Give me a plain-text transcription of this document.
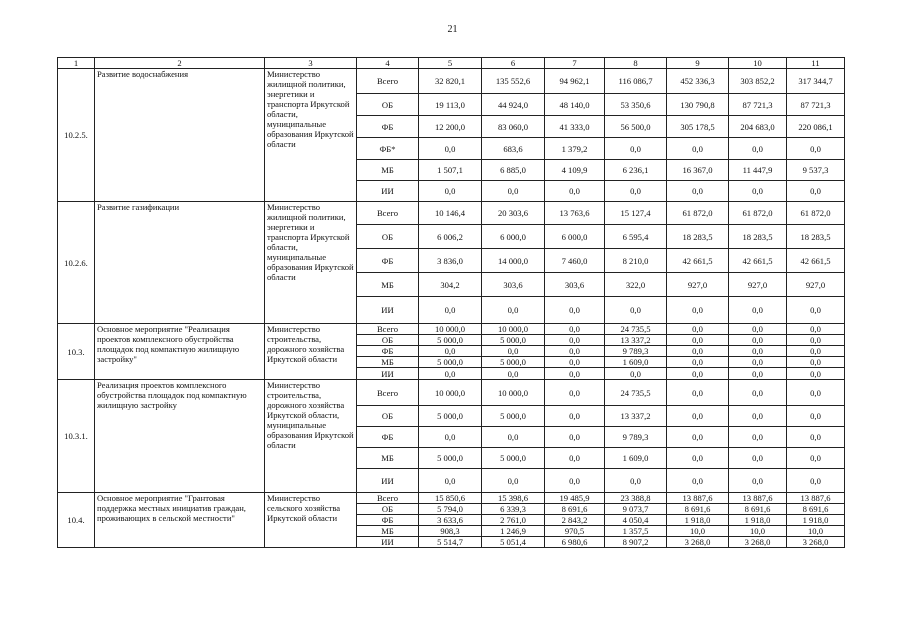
21
1	2	3	4	5	6	7	8	9	10	11
10.2.5.	Развитие водоснабжения	Министерство жилищной политики, энергетики и транспорта Иркутской области, муниципальные образования Иркутской области	Всего	32 820,1	135 552,6	94 962,1	116 086,7	452 336,3	303 852,2	317 344,7
			ОБ	19 113,0	44 924,0	48 140,0	53 350,6	130 790,8	87 721,3	87 721,3
			ФБ	12 200,0	83 060,0	41 333,0	56 500,0	305 178,5	204 683,0	220 086,1
			ФБ*	0,0	683,6	1 379,2	0,0	0,0	0,0	0,0
			МБ	1 507,1	6 885,0	4 109,9	6 236,1	16 367,0	11 447,9	9 537,3
			ИИ	0,0	0,0	0,0	0,0	0,0	0,0	0,0
10.2.6.	Развитие газификации	Министерство жилищной политики, энергетики и транспорта Иркутской области, муниципальные образования Иркутской области	Всего	10 146,4	20 303,6	13 763,6	15 127,4	61 872,0	61 872,0	61 872,0
			ОБ	6 006,2	6 000,0	6 000,0	6 595,4	18 283,5	18 283,5	18 283,5
			ФБ	3 836,0	14 000,0	7 460,0	8 210,0	42 661,5	42 661,5	42 661,5
			МБ	304,2	303,6	303,6	322,0	927,0	927,0	927,0
			ИИ	0,0	0,0	0,0	0,0	0,0	0,0	0,0
10.3.	Основное мероприятие "Реализация проектов комплексного обустройства площадок под компактную жилищную застройку"	Министерство строительства, дорожного хозяйства Иркутской области	Всего	10 000,0	10 000,0	0,0	24 735,5	0,0	0,0	0,0
			ОБ	5 000,0	5 000,0	0,0	13 337,2	0,0	0,0	0,0
			ФБ	0,0	0,0	0,0	9 789,3	0,0	0,0	0,0
			МБ	5 000,0	5 000,0	0,0	1 609,0	0,0	0,0	0,0
			ИИ	0,0	0,0	0,0	0,0	0,0	0,0	0,0
10.3.1.	Реализация проектов комплексного обустройства площадок под компактную жилищную застройку	Министерство строительства, дорожного хозяйства Иркутской области, муниципальные образования Иркутской области	Всего	10 000,0	10 000,0	0,0	24 735,5	0,0	0,0	0,0
			ОБ	5 000,0	5 000,0	0,0	13 337,2	0,0	0,0	0,0
			ФБ	0,0	0,0	0,0	9 789,3	0,0	0,0	0,0
			МБ	5 000,0	5 000,0	0,0	1 609,0	0,0	0,0	0,0
			ИИ	0,0	0,0	0,0	0,0	0,0	0,0	0,0
10.4.	Основное мероприятие "Грантовая поддержка местных инициатив граждан, проживающих в сельской местности"	Министерство сельского хозяйства Иркутской области	Всего	15 850,6	15 398,6	19 485,9	23 388,8	13 887,6	13 887,6	13 887,6
			ОБ	5 794,0	6 339,3	8 691,6	9 073,7	8 691,6	8 691,6	8 691,6
			ФБ	3 633,6	2 761,0	2 843,2	4 050,4	1 918,0	1 918,0	1 918,0
			МБ	908,3	1 246,9	970,5	1 357,5	10,0	10,0	10,0
			ИИ	5 514,7	5 051,4	6 980,6	8 907,2	3 268,0	3 268,0	3 268,0
